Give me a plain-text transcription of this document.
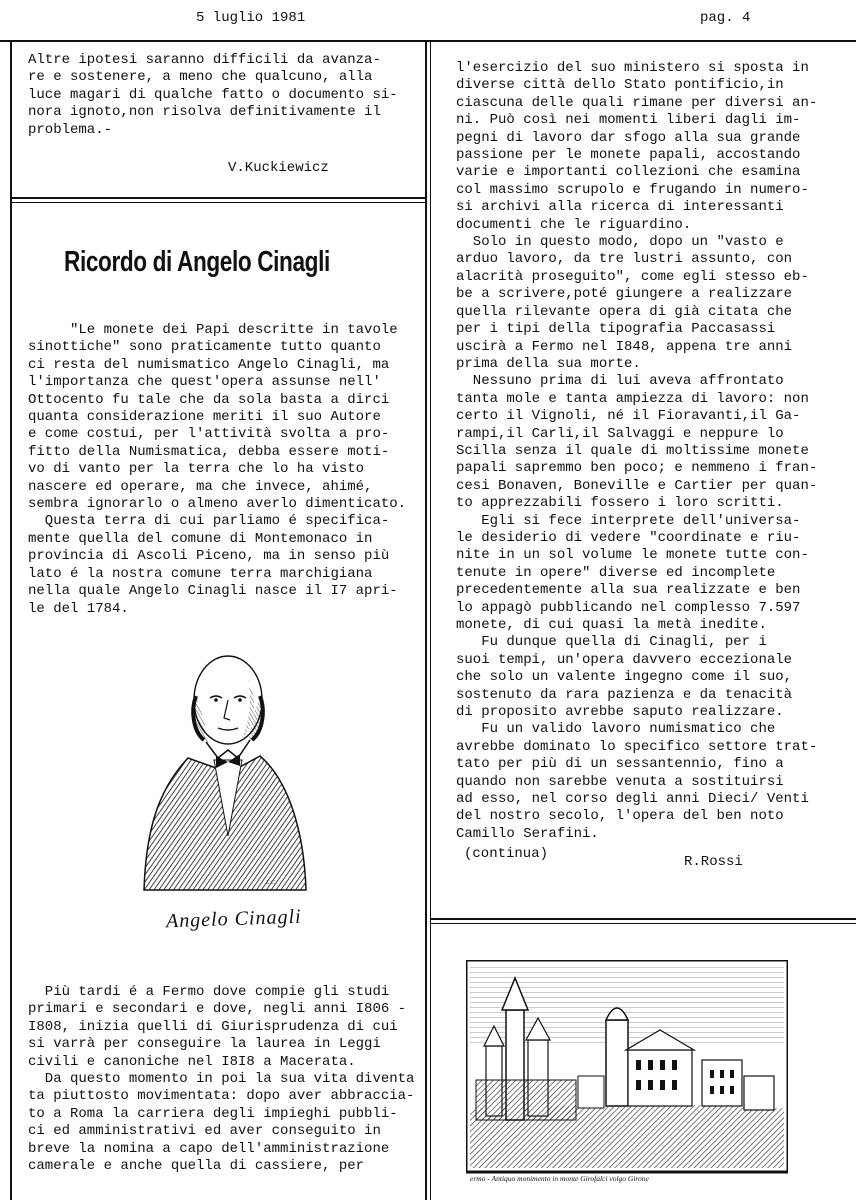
5 luglio 1981	pag. 4
Altre ipotesi saranno difficili da avanza-
re e sostenere, a meno che qualcuno, alla
luce magari di qualche fatto o documento si-
nora ignoto,non risolva definitivamente il
problema.-
V.Kuckiewicz
Ricordo di Angelo Cinagli
"Le monete dei Papi descritte in tavole
sinottiche" sono praticamente tutto quanto
ci resta del numismatico Angelo Cinagli, ma
l'importanza che quest'opera assunse nell'
Ottocento fu tale che da sola basta a dirci
quanta considerazione meriti il suo Autore
e come costui, per l'attività svolta a pro-
fitto della Numismatica, debba essere moti-
vo di vanto per la terra che lo ha visto
nascere ed operare, ma che invece, ahimé,
sembra ignorarlo o almeno averlo dimenticato.
Questa terra di cui parliamo é specifica-
mente quella del comune di Montemonaco in
provincia di Ascoli Piceno, ma in senso più
lato é la nostra comune terra marchigiana
nella quale Angelo Cinagli nasce il I7 apri-
le del 1784.
L.C.
Angelo Cinagli
Più tardi é a Fermo dove compie gli studi
primari e secondari e dove, negli anni I806 -
I808, inizia quelli di Giurisprudenza di cui
si varrà per conseguire la laurea in Leggi
civili e canoniche nel I8I8 a Macerata.
Da questo momento in poi la sua vita diventa
ta piuttosto movimentata: dopo aver abbraccia-
to a Roma la carriera degli impieghi pubbli-
ci ed amministrativi ed aver conseguito in
breve la nomina a capo dell'amministrazione
camerale e anche quella di cassiere, per
l'esercizio del suo ministero si sposta in
diverse città dello Stato pontificio,in
ciascuna delle quali rimane per diversi an-
ni. Può così nei momenti liberi dagli im-
pegni di lavoro dar sfogo alla sua grande
passione per le monete papali, accostando
varie e importanti collezioni che esamina
col massimo scrupolo e frugando in numero-
si archivi alla ricerca di interessanti
documenti che le riguardino.
Solo in questo modo, dopo un "vasto e
arduo lavoro, da tre lustri assunto, con
alacrità proseguito", come egli stesso eb-
be a scrivere,poté giungere a realizzare
quella rilevante opera di già citata che
per i tipi della tipografia Paccasassi
uscirà a Fermo nel I848, appena tre anni
prima della sua morte.
Nessuno prima di lui aveva affrontato
tanta mole e tanta ampiezza di lavoro: non
certo il Vignoli, né il Fioravanti,il Ga-
rampi,il Carli,il Salvaggi e neppure lo
Scilla senza il quale di moltissime monete
papali sapremmo ben poco; e nemmeno i fran-
cesi Bonaven, Boneville e Cartier per quan-
to apprezzabili fossero i loro scritti.
Egli si fece interprete dell'universa-
le desiderio di vedere "coordinate e riu-
nite in un sol volume le monete tutte con-
tenute in opere" diverse ed incomplete
precedentemente alla sua realizzate e ben
lo appagò pubblicando nel complesso 7.597
monete, di cui quasi la metà inedite.
Fu dunque quella di Cinagli, per i
suoi tempi, un'opera davvero eccezionale
che solo un valente ingegno come il suo,
sostenuto da rara pazienza e da tenacità
di proposito avrebbe saputo realizzare.
Fu un valido lavoro numismatico che
avrebbe dominato lo specifico settore trat-
tato per più di un sessantennio, fino a
quando non sarebbe venuta a sostituirsi
ad esso, nel corso degli anni Dieci/ Venti
del nostro secolo, l'opera del ben noto
Camillo Serafini.
(continua)	R.Rossi
ermo - Antiquo monimento in monte Girofalci volgo Girone
